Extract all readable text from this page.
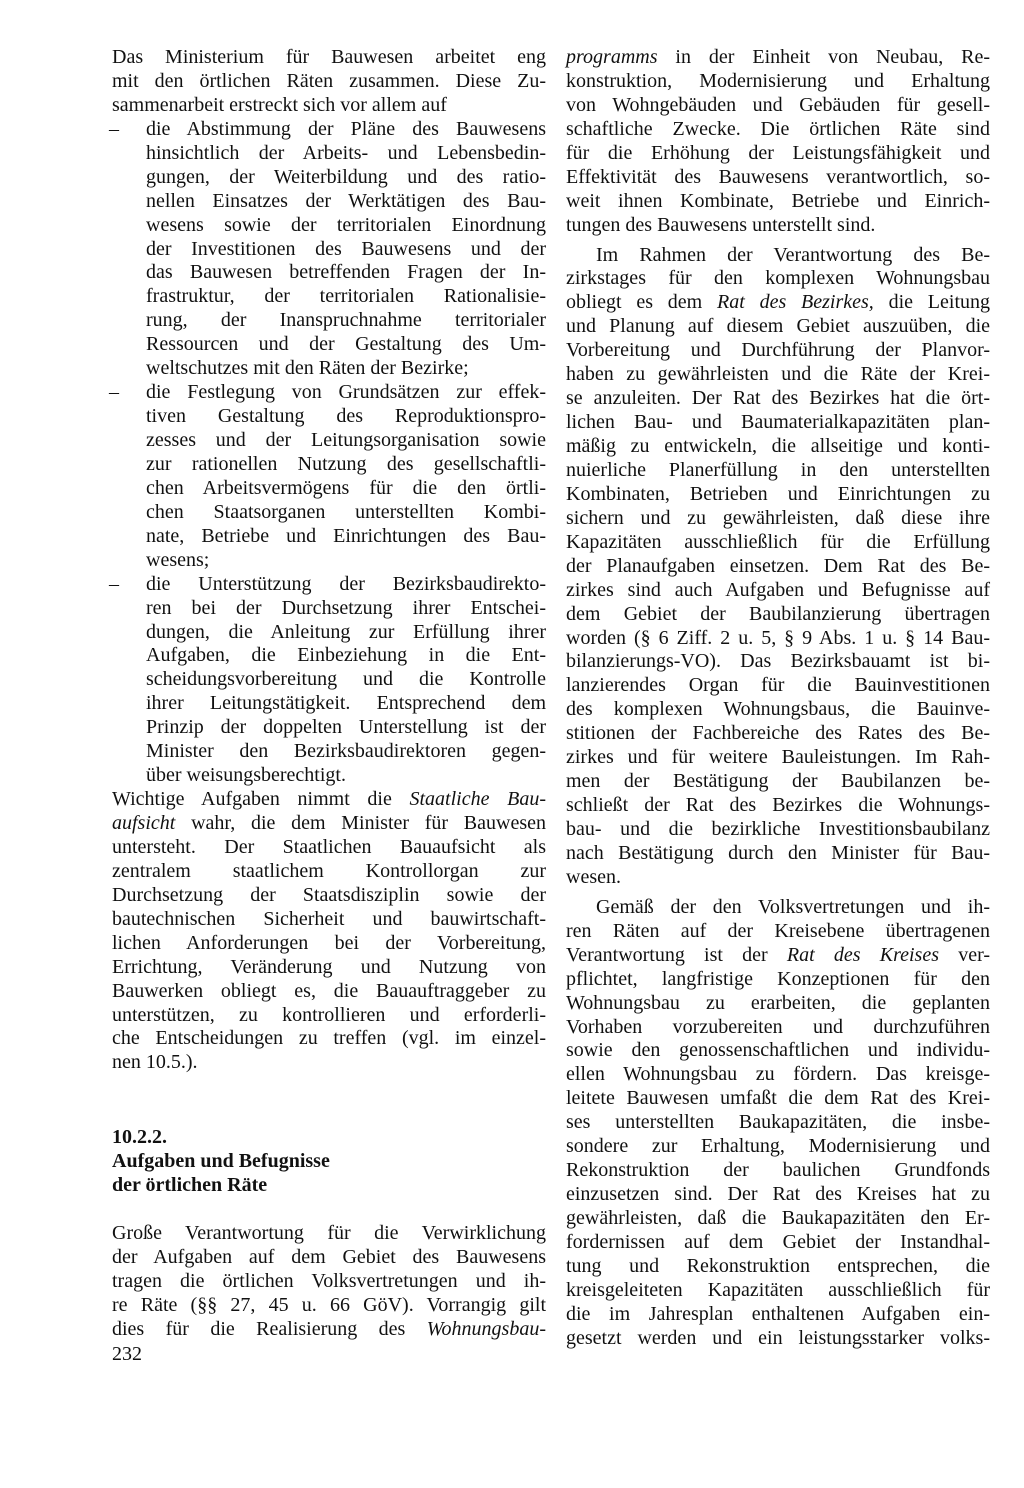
Das Ministerium für Bauwesen arbeitet eng
mit den örtlichen Räten zusammen. Diese Zu-
sammenarbeit erstreckt sich vor allem auf
– die Abstimmung der Pläne des Bauwesens
hinsichtlich der Arbeits- und Lebensbedin-
gungen, der Weiterbildung und des ratio-
nellen Einsatzes der Werktätigen des Bau-
wesens sowie der territorialen Einordnung
der Investitionen des Bauwesens und der
das Bauwesen betreffenden Fragen der In-
frastruktur, der territorialen Rationalisie-
rung, der Inanspruchnahme territorialer
Ressourcen und der Gestaltung des Um-
weltschutzes mit den Räten der Bezirke;
– die Festlegung von Grundsätzen zur effek-
tiven Gestaltung des Reproduktionspro-
zesses und der Leitungsorganisation sowie
zur rationellen Nutzung des gesellschaftli-
chen Arbeitsvermögens für die den örtli-
chen Staatsorganen unterstellten Kombi-
nate, Betriebe und Einrichtungen des Bau-
wesens;
– die Unterstützung der Bezirksbaudirekto-
ren bei der Durchsetzung ihrer Entschei-
dungen, die Anleitung zur Erfüllung ihrer
Aufgaben, die Einbeziehung in die Ent-
scheidungsvorbereitung und die Kontrolle
ihrer Leitungstätigkeit. Entsprechend dem
Prinzip der doppelten Unterstellung ist der
Minister den Bezirksbaudirektoren gegen-
über weisungsberechtigt.
Wichtige Aufgaben nimmt die Staatliche Bau-
aufsicht wahr, die dem Minister für Bauwesen
untersteht. Der Staatlichen Bauaufsicht als
zentralem staatlichem Kontrollorgan zur
Durchsetzung der Staatsdisziplin sowie der
bautechnischen Sicherheit und bauwirtschaft-
lichen Anforderungen bei der Vorbereitung,
Errichtung, Veränderung und Nutzung von
Bauwerken obliegt es, die Bauauftraggeber zu
unterstützen, zu kontrollieren und erforderli-
che Entscheidungen zu treffen (vgl. im einzel-
nen 10.5.).
10.2.2.
Aufgaben und Befugnisse
der örtlichen Räte
Große Verantwortung für die Verwirklichung
der Aufgaben auf dem Gebiet des Bauwesens
tragen die örtlichen Volksvertretungen und ih-
re Räte (§§ 27, 45 u. 66 GöV). Vorrangig gilt
dies für die Realisierung des Wohnungsbau-
programms in der Einheit von Neubau, Re-
konstruktion, Modernisierung und Erhaltung
von Wohngebäuden und Gebäuden für gesell-
schaftliche Zwecke. Die örtlichen Räte sind
für die Erhöhung der Leistungsfähigkeit und
Effektivität des Bauwesens verantwortlich, so-
weit ihnen Kombinate, Betriebe und Einrich-
tungen des Bauwesens unterstellt sind.
Im Rahmen der Verantwortung des Be-
zirkstages für den komplexen Wohnungsbau
obliegt es dem Rat des Bezirkes, die Leitung
und Planung auf diesem Gebiet auszuüben, die
Vorbereitung und Durchführung der Planvor-
haben zu gewährleisten und die Räte der Krei-
se anzuleiten. Der Rat des Bezirkes hat die ört-
lichen Bau- und Baumaterialkapazitäten plan-
mäßig zu entwickeln, die allseitige und konti-
nuierliche Planerfüllung in den unterstellten
Kombinaten, Betrieben und Einrichtungen zu
sichern und zu gewährleisten, daß diese ihre
Kapazitäten ausschließlich für die Erfüllung
der Planaufgaben einsetzen. Dem Rat des Be-
zirkes sind auch Aufgaben und Befugnisse auf
dem Gebiet der Baubilanzierung übertragen
worden (§ 6 Ziff. 2 u. 5, § 9 Abs. 1 u. § 14 Bau-
bilanzierungs-VO). Das Bezirksbauamt ist bi-
lanzierendes Organ für die Bauinvestitionen
des komplexen Wohnungsbaus, die Bauinve-
stitionen der Fachbereiche des Rates des Be-
zirkes und für weitere Bauleistungen. Im Rah-
men der Bestätigung der Baubilanzen be-
schließt der Rat des Bezirkes die Wohnungs-
bau- und die bezirkliche Investitionsbaubilanz
nach Bestätigung durch den Minister für Bau-
wesen.
Gemäß der den Volksvertretungen und ih-
ren Räten auf der Kreisebene übertragenen
Verantwortung ist der Rat des Kreises ver-
pflichtet, langfristige Konzeptionen für den
Wohnungsbau zu erarbeiten, die geplanten
Vorhaben vorzubereiten und durchzuführen
sowie den genossenschaftlichen und individu-
ellen Wohnungsbau zu fördern. Das kreisge-
leitete Bauwesen umfaßt die dem Rat des Krei-
ses unterstellten Baukapazitäten, die insbe-
sondere zur Erhaltung, Modernisierung und
Rekonstruktion der baulichen Grundfonds
einzusetzen sind. Der Rat des Kreises hat zu
gewährleisten, daß die Baukapazitäten den Er-
fordernissen auf dem Gebiet der Instandhal-
tung und Rekonstruktion entsprechen, die
kreisgeleiteten Kapazitäten ausschließlich für
die im Jahresplan enthaltenen Aufgaben ein-
gesetzt werden und ein leistungsstarker volks-
232
